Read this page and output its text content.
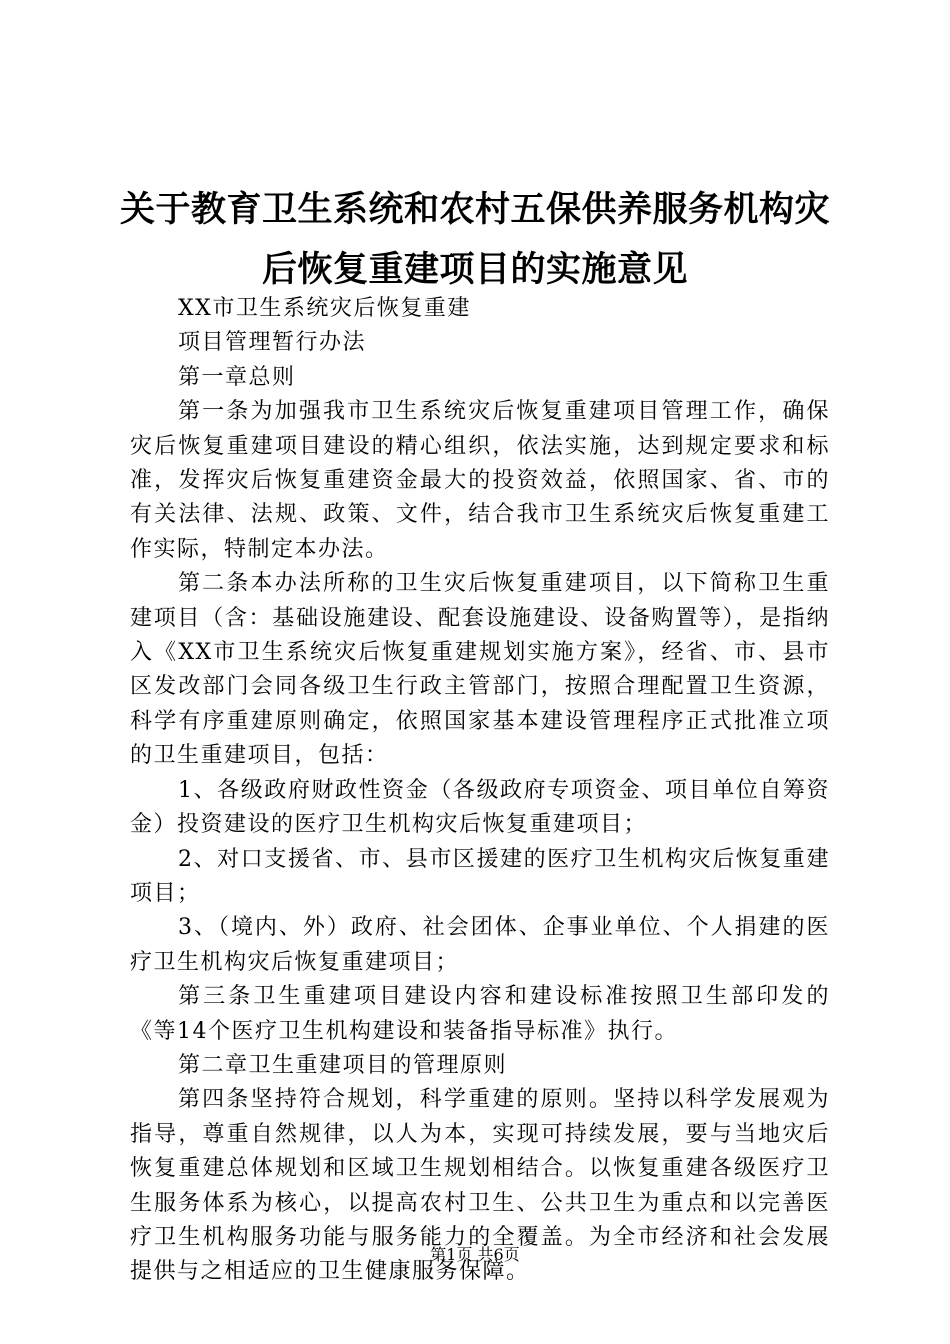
关于教育卫生系统和农村五保供养服务机构灾
后恢复重建项目的实施意见

XX市卫生系统灾后恢复重建

项目管理暂行办法

第一章总则

第一条为加强我市卫生系统灾后恢复重建项目管理工作，确保灾后恢复重建项目建设的精心组织，依法实施，达到规定要求和标准，发挥灾后恢复重建资金最大的投资效益，依照国家、省、市的有关法律、法规、政策、文件，结合我市卫生系统灾后恢复重建工作实际，特制定本办法。

第二条本办法所称的卫生灾后恢复重建项目，以下简称卫生重建项目（含：基础设施建设、配套设施建设、设备购置等），是指纳入《XX市卫生系统灾后恢复重建规划实施方案》，经省、市、县市区发改部门会同各级卫生行政主管部门，按照合理配置卫生资源，科学有序重建原则确定，依照国家基本建设管理程序正式批准立项的卫生重建项目，包括：

1、各级政府财政性资金（各级政府专项资金、项目单位自筹资金）投资建设的医疗卫生机构灾后恢复重建项目；

2、对口支援省、市、县市区援建的医疗卫生机构灾后恢复重建项目；

3、（境内、外）政府、社会团体、企事业单位、个人捐建的医疗卫生机构灾后恢复重建项目；

第三条卫生重建项目建设内容和建设标准按照卫生部印发的《等14个医疗卫生机构建设和装备指导标准》执行。

第二章卫生重建项目的管理原则

第四条坚持符合规划，科学重建的原则。坚持以科学发展观为指导，尊重自然规律，以人为本，实现可持续发展，要与当地灾后恢复重建总体规划和区域卫生规划相结合。以恢复重建各级医疗卫生服务体系为核心，以提高农村卫生、公共卫生为重点和以完善医疗卫生机构服务功能与服务能力的全覆盖。为全市经济和社会发展提供与之相适应的卫生健康服务保障。

第1页 共6页
